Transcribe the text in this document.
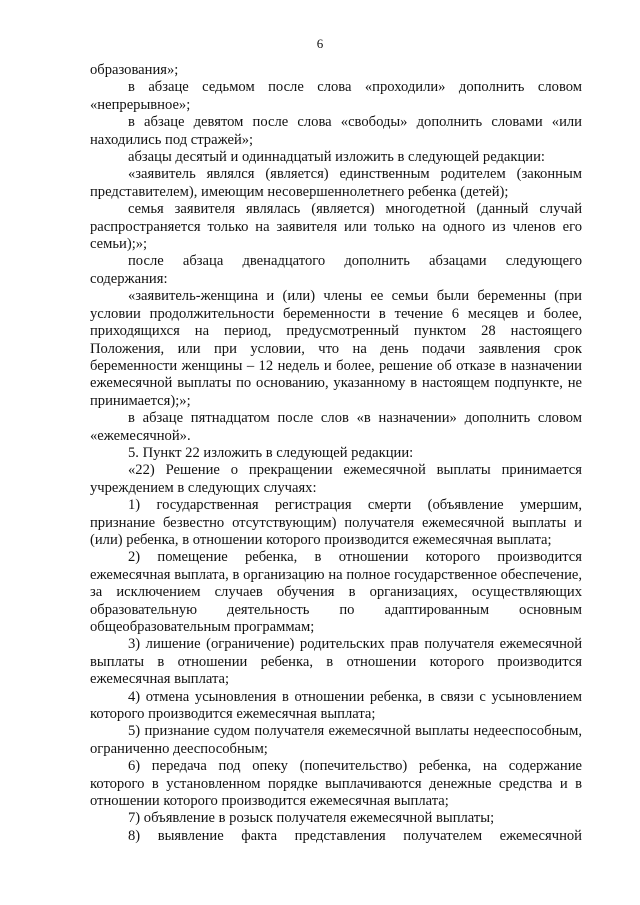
6

образования»;

в абзаце седьмом после слова «проходили» дополнить словом «непрерывное»;

в абзаце девятом после слова «свободы» дополнить словами «или находились под стражей»;

абзацы десятый и одиннадцатый изложить в следующей редакции:

«заявитель являлся (является) единственным родителем (законным представителем), имеющим несовершеннолетнего ребенка (детей);

семья заявителя являлась (является) многодетной (данный случай распространяется только на заявителя или только на одного из членов его семьи);»;

после абзаца двенадцатого дополнить абзацами следующего содержания:

«заявитель-женщина и (или) члены ее семьи были беременны (при условии продолжительности беременности в течение 6 месяцев и более, приходящихся на период, предусмотренный пунктом 28 настоящего Положения, или при условии, что на день подачи заявления срок беременности женщины – 12 недель и более, решение об отказе в назначении ежемесячной выплаты по основанию, указанному в настоящем подпункте, не принимается);»;

в абзаце пятнадцатом после слов «в назначении» дополнить словом «ежемесячной».

5. Пункт 22 изложить в следующей редакции:

«22) Решение о прекращении ежемесячной выплаты принимается учреждением в следующих случаях:

1) государственная регистрация смерти (объявление умершим, признание безвестно отсутствующим) получателя ежемесячной выплаты и (или) ребенка, в отношении которого производится ежемесячная выплата;

2) помещение ребенка, в отношении которого производится ежемесячная выплата, в организацию на полное государственное обеспечение, за исключением случаев обучения в организациях, осуществляющих образовательную деятельность по адаптированным основным общеобразовательным программам;

3) лишение (ограничение) родительских прав получателя ежемесячной выплаты в отношении ребенка, в отношении которого производится ежемесячная выплата;

4) отмена усыновления в отношении ребенка, в связи с усыновлением которого производится ежемесячная выплата;

5) признание судом получателя ежемесячной выплаты недееспособным, ограниченно дееспособным;

6) передача под опеку (попечительство) ребенка, на содержание которого в установленном порядке выплачиваются денежные средства и в отношении которого производится ежемесячная выплата;

7) объявление в розыск получателя ежемесячной выплаты;

8) выявление факта представления получателем ежемесячной
